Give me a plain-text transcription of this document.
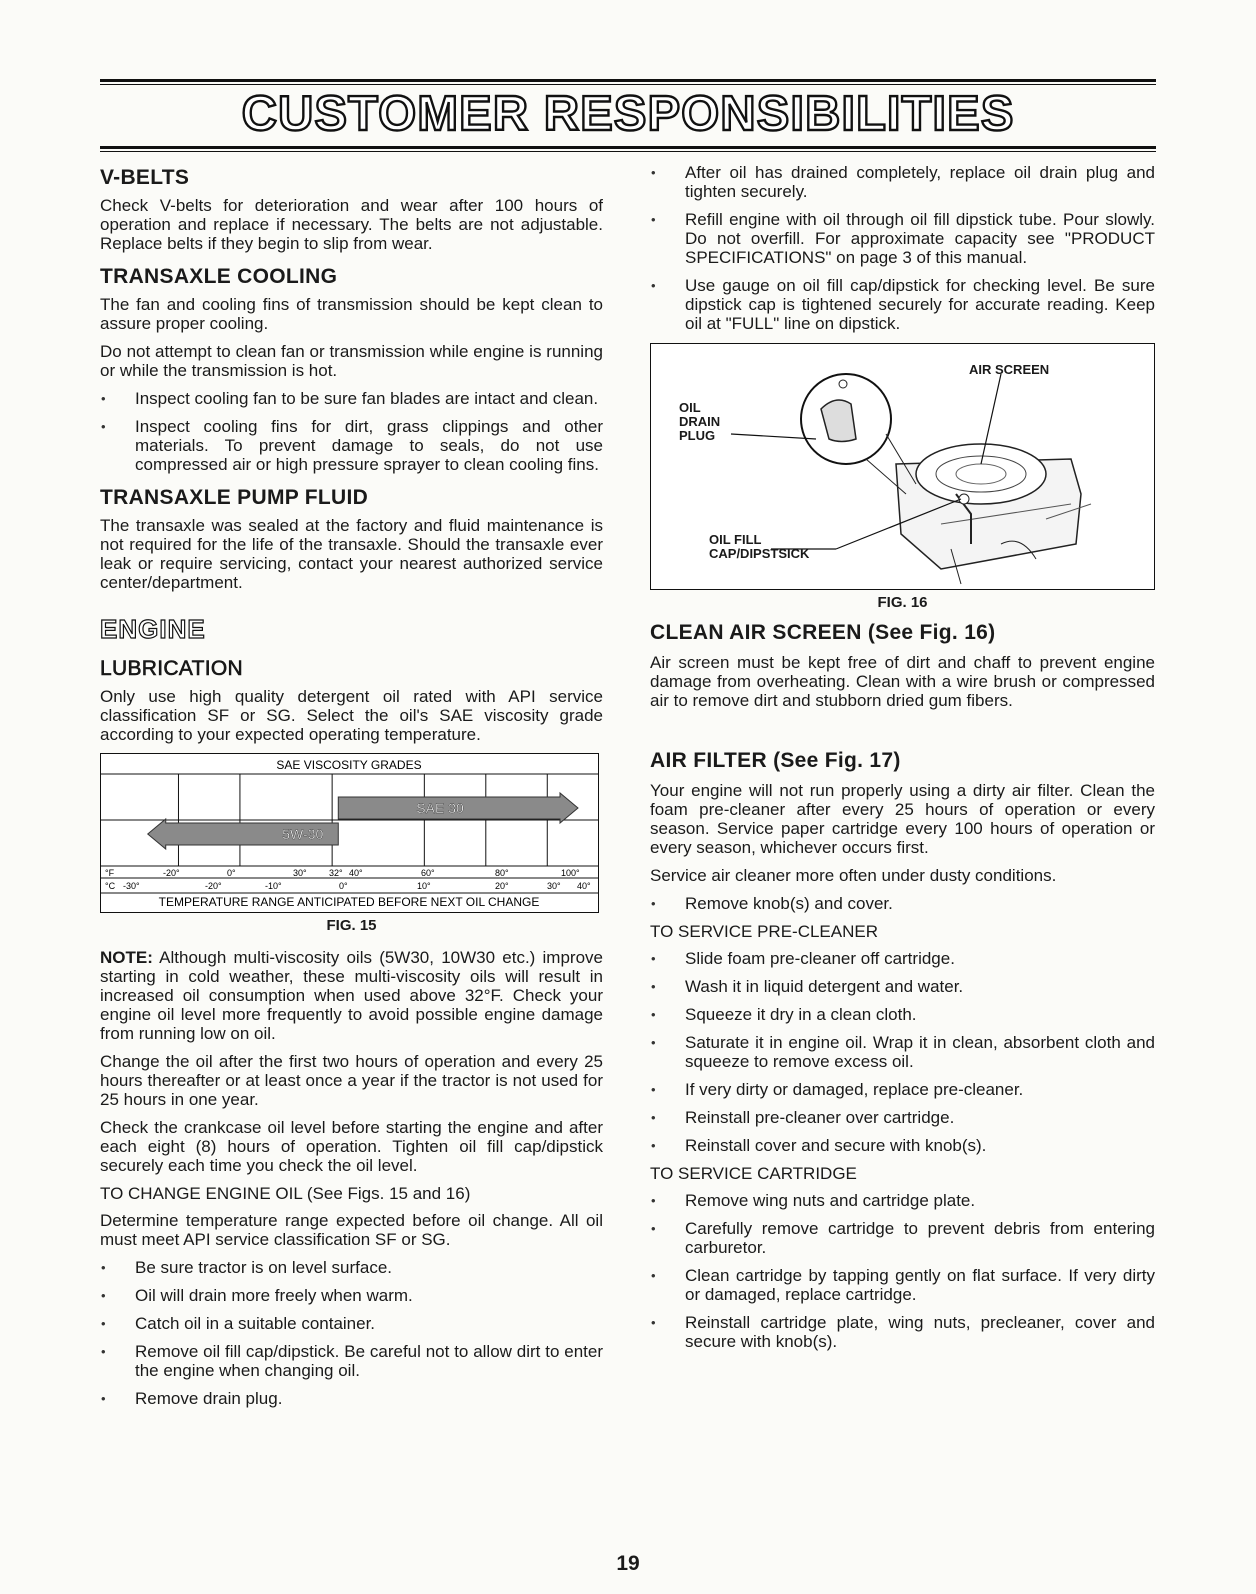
CUSTOMER RESPONSIBILITIES
V-BELTS

Check V-belts for deterioration and wear after 100 hours of operation and replace if necessary. The belts are not adjustable. Replace belts if they begin to slip from wear.

TRANSAXLE COOLING

The fan and cooling fins of transmission should be kept clean to assure proper cooling.

Do not attempt to clean fan or transmission while engine is running or while the transmission is hot.

• Inspect cooling fan to be sure fan blades are intact and clean.
• Inspect cooling fins for dirt, grass clippings and other materials. To prevent damage to seals, do not use compressed air or high pressure sprayer to clean cooling fins.
TRANSAXLE PUMP FLUID

The transaxle was sealed at the factory and fluid maintenance is not required for the life of the transaxle. Should the transaxle ever leak or require servicing, contact your nearest authorized service center/department.

ENGINE
LUBRICATION

Only use high quality detergent oil rated with API service classification SF or SG. Select the oil's SAE viscosity grade according to your expected operating temperature.

SAE VISCOSITY GRADES
5W-30
SAE 30
°F	-20°	0°	30° 32° 40°	60°	80°	100°
°C -30°	-20°	-10°	0°	10°	20°	30° 40°
TEMPERATURE RANGE ANTICIPATED BEFORE NEXT OIL CHANGE
FIG. 15

NOTE: Although multi-viscosity oils (5W30, 10W30 etc.) improve starting in cold weather, these multi-viscosity oils will result in increased oil consumption when used above 32°F. Check your engine oil level more frequently to avoid possible engine damage from running low on oil.

Change the oil after the first two hours of operation and every 25 hours thereafter or at least once a year if the tractor is not used for 25 hours in one year.

Check the crankcase oil level before starting the engine and after each eight (8) hours of operation. Tighten oil fill cap/dipstick securely each time you check the oil level.

TO CHANGE ENGINE OIL (See Figs. 15 and 16)

Determine temperature range expected before oil change. All oil must meet API service classification SF or SG.

• Be sure tractor is on level surface.
• Oil will drain more freely when warm.
• Catch oil in a suitable container.
• Remove oil fill cap/dipstick. Be careful not to allow dirt to enter the engine when changing oil.
• Remove drain plug.
• After oil has drained completely, replace oil drain plug and tighten securely.
• Refill engine with oil through oil fill dipstick tube. Pour slowly. Do not overfill. For approximate capacity see "PRODUCT SPECIFICATIONS" on page 3 of this manual.
• Use gauge on oil fill cap/dipstick for checking level. Be sure dipstick cap is tightened securely for accurate reading. Keep oil at "FULL" line on dipstick.
AIR SCREEN
OIL
DRAIN
PLUG
OIL FILL
CAP/DIPSTSICK
FIG. 16
CLEAN AIR SCREEN (See Fig. 16)

Air screen must be kept free of dirt and chaff to prevent engine damage from overheating. Clean with a wire brush or compressed air to remove dirt and stubborn dried gum fibers.

AIR FILTER (See Fig. 17)

Your engine will not run properly using a dirty air filter. Clean the foam pre-cleaner after every 25 hours of operation or every season. Service paper cartridge every 100 hours of operation or every season, whichever occurs first.

Service air cleaner more often under dusty conditions.

• Remove knob(s) and cover.
TO SERVICE PRE-CLEANER
• Slide foam pre-cleaner off cartridge.
• Wash it in liquid detergent and water.
• Squeeze it dry in a clean cloth.
• Saturate it in engine oil. Wrap it in clean, absorbent cloth and squeeze to remove excess oil.
• If very dirty or damaged, replace pre-cleaner.
• Reinstall pre-cleaner over cartridge.
• Reinstall cover and secure with knob(s).
TO SERVICE CARTRIDGE
• Remove wing nuts and cartridge plate.
• Carefully remove cartridge to prevent debris from entering carburetor.
• Clean cartridge by tapping gently on flat surface. If very dirty or damaged, replace cartridge.
• Reinstall cartridge plate, wing nuts, precleaner, cover and secure with knob(s).
19
